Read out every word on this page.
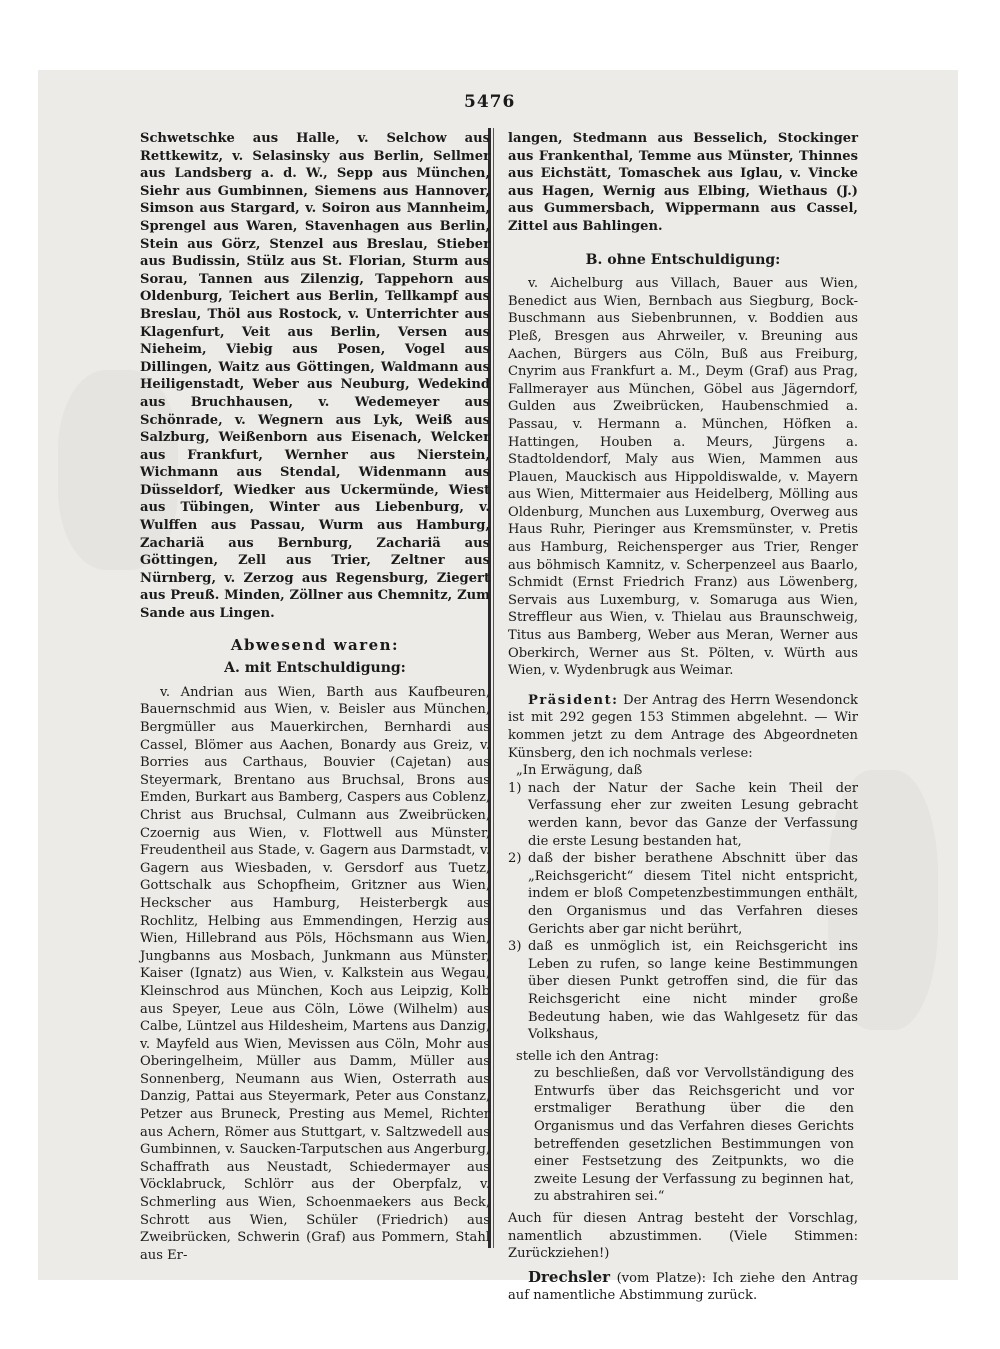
5476

Schwetschke aus Halle, v. Selchow aus Rettkewitz, v. Selasinsky aus Berlin, Sellmer aus Landsberg a. d. W., Sepp aus München, Siehr aus Gumbinnen, Siemens aus Hannover, Simson aus Stargard, v. Soiron aus Mannheim, Sprengel aus Waren, Stavenhagen aus Berlin, Stein aus Görz, Stenzel aus Breslau, Stieber aus Budissin, Stülz aus St. Florian, Sturm aus Sorau, Tannen aus Zilenzig, Tappehorn aus Oldenburg, Teichert aus Berlin, Tellkampf aus Breslau, Thöl aus Rostock, v. Unterrichter aus Klagenfurt, Veit aus Berlin, Versen aus Nieheim, Viebig aus Posen, Vogel aus Dillingen, Waitz aus Göttingen, Waldmann aus Heiligenstadt, Weber aus Neuburg, Wedekind aus Bruchhausen, v. Wedemeyer aus Schönrade, v. Wegnern aus Lyk, Weiß aus Salzburg, Weißenborn aus Eisenach, Welcker aus Frankfurt, Wernher aus Nierstein, Wichmann aus Stendal, Widenmann aus Düsseldorf, Wiedker aus Uckermünde, Wiest aus Tübingen, Winter aus Liebenburg, v. Wulffen aus Passau, Wurm aus Hamburg, Zachariä aus Bernburg, Zachariä aus Göttingen, Zell aus Trier, Zeltner aus Nürnberg, v. Zerzog aus Regensburg, Ziegert aus Preuß. Minden, Zöllner aus Chemnitz, Zum Sande aus Lingen.

Abwesend waren:
A. mit Entschuldigung:

v. Andrian aus Wien, Barth aus Kaufbeuren, Bauernschmid aus Wien, v. Beisler aus München, Bergmüller aus Mauerkirchen, Bernhardi aus Cassel, Blömer aus Aachen, Bonardy aus Greiz, v. Borries aus Carthaus, Bouvier (Cajetan) aus Steyermark, Brentano aus Bruchsal, Brons aus Emden, Burkart aus Bamberg, Caspers aus Coblenz, Christ aus Bruchsal, Culmann aus Zweibrücken, Czoernig aus Wien, v. Flottwell aus Münster, Freudentheil aus Stade, v. Gagern aus Darmstadt, v. Gagern aus Wiesbaden, v. Gersdorf aus Tuetz, Gottschalk aus Schopfheim, Gritzner aus Wien, Heckscher aus Hamburg, Heisterbergk aus Rochlitz, Helbing aus Emmendingen, Herzig aus Wien, Hillebrand aus Pöls, Höchsmann aus Wien, Jungbanns aus Mosbach, Junkmann aus Münster, Kaiser (Ignatz) aus Wien, v. Kalkstein aus Wegau, Kleinschrod aus München, Koch aus Leipzig, Kolb aus Speyer, Leue aus Cöln, Löwe (Wilhelm) aus Calbe, Lüntzel aus Hildesheim, Martens aus Danzig, v. Mayfeld aus Wien, Mevissen aus Cöln, Mohr aus Oberingelheim, Müller aus Damm, Müller aus Sonnenberg, Neumann aus Wien, Osterrath aus Danzig, Pattai aus Steyermark, Peter aus Constanz, Petzer aus Bruneck, Presting aus Memel, Richter aus Achern, Römer aus Stuttgart, v. Saltzwedell aus Gumbinnen, v. Saucken-Tarputschen aus Angerburg, Schaffrath aus Neustadt, Schiedermayer aus Vöcklabruck, Schlörr aus der Oberpfalz, v. Schmerling aus Wien, Schoenmaekers aus Beck, Schrott aus Wien, Schüler (Friedrich) aus Zweibrücken, Schwerin (Graf) aus Pommern, Stahl aus Er-

langen, Stedmann aus Besselich, Stockinger aus Frankenthal, Temme aus Münster, Thinnes aus Eichstätt, Tomaschek aus Iglau, v. Vincke aus Hagen, Wernig aus Elbing, Wiethaus (J.) aus Gummersbach, Wippermann aus Cassel, Zittel aus Bahlingen.

B. ohne Entschuldigung:

v. Aichelburg aus Villach, Bauer aus Wien, Benedict aus Wien, Bernbach aus Siegburg, Bock-Buschmann aus Siebenbrunnen, v. Boddien aus Pleß, Bresgen aus Ahrweiler, v. Breuning aus Aachen, Bürgers aus Cöln, Buß aus Freiburg, Cnyrim aus Frankfurt a. M., Deym (Graf) aus Prag, Fallmerayer aus München, Göbel aus Jägerndorf, Gulden aus Zweibrücken, Haubenschmied a. Passau, v. Hermann a. München, Höfken a. Hattingen, Houben a. Meurs, Jürgens a. Stadtoldendorf, Maly aus Wien, Mammen aus Plauen, Mauckisch aus Hippoldiswalde, v. Mayern aus Wien, Mittermaier aus Heidelberg, Mölling aus Oldenburg, Munchen aus Luxemburg, Overweg aus Haus Ruhr, Pieringer aus Kremsmünster, v. Pretis aus Hamburg, Reichensperger aus Trier, Renger aus böhmisch Kamnitz, v. Scherpenzeel aus Baarlo, Schmidt (Ernst Friedrich Franz) aus Löwenberg, Servais aus Luxemburg, v. Somaruga aus Wien, Streffleur aus Wien, v. Thielau aus Braunschweig, Titus aus Bamberg, Weber aus Meran, Werner aus Oberkirch, Werner aus St. Pölten, v. Würth aus Wien, v. Wydenbrugk aus Weimar.

Präsident: Der Antrag des Herrn Wesendonck ist mit 292 gegen 153 Stimmen abgelehnt. — Wir kommen jetzt zu dem Antrage des Abgeordneten Künsberg, den ich nochmals verlese:

„In Erwägung, daß

1) nach der Natur der Sache kein Theil der Verfassung eher zur zweiten Lesung gebracht werden kann, bevor das Ganze der Verfassung die erste Lesung bestanden hat,
2) daß der bisher berathene Abschnitt über das „Reichsgericht“ diesem Titel nicht entspricht, indem er bloß Competenzbestimmungen enthält, den Organismus und das Verfahren dieses Gerichts aber gar nicht berührt,
3) daß es unmöglich ist, ein Reichsgericht ins Leben zu rufen, so lange keine Bestimmungen über diesen Punkt getroffen sind, die für das Reichsgericht eine nicht minder große Bedeutung haben, wie das Wahlgesetz für das Volkshaus,

stelle ich den Antrag:

zu beschließen, daß vor Vervollständigung des Entwurfs über das Reichsgericht und vor erstmaliger Berathung über die den Organismus und das Verfahren dieses Gerichts betreffenden gesetzlichen Bestimmungen von einer Festsetzung des Zeitpunkts, wo die zweite Lesung der Verfassung zu beginnen hat, zu abstrahiren sei.“

Auch für diesen Antrag besteht der Vorschlag, namentlich abzustimmen. (Viele Stimmen: Zurückziehen!)

Drechsler (vom Platze): Ich ziehe den Antrag auf namentliche Abstimmung zurück.
